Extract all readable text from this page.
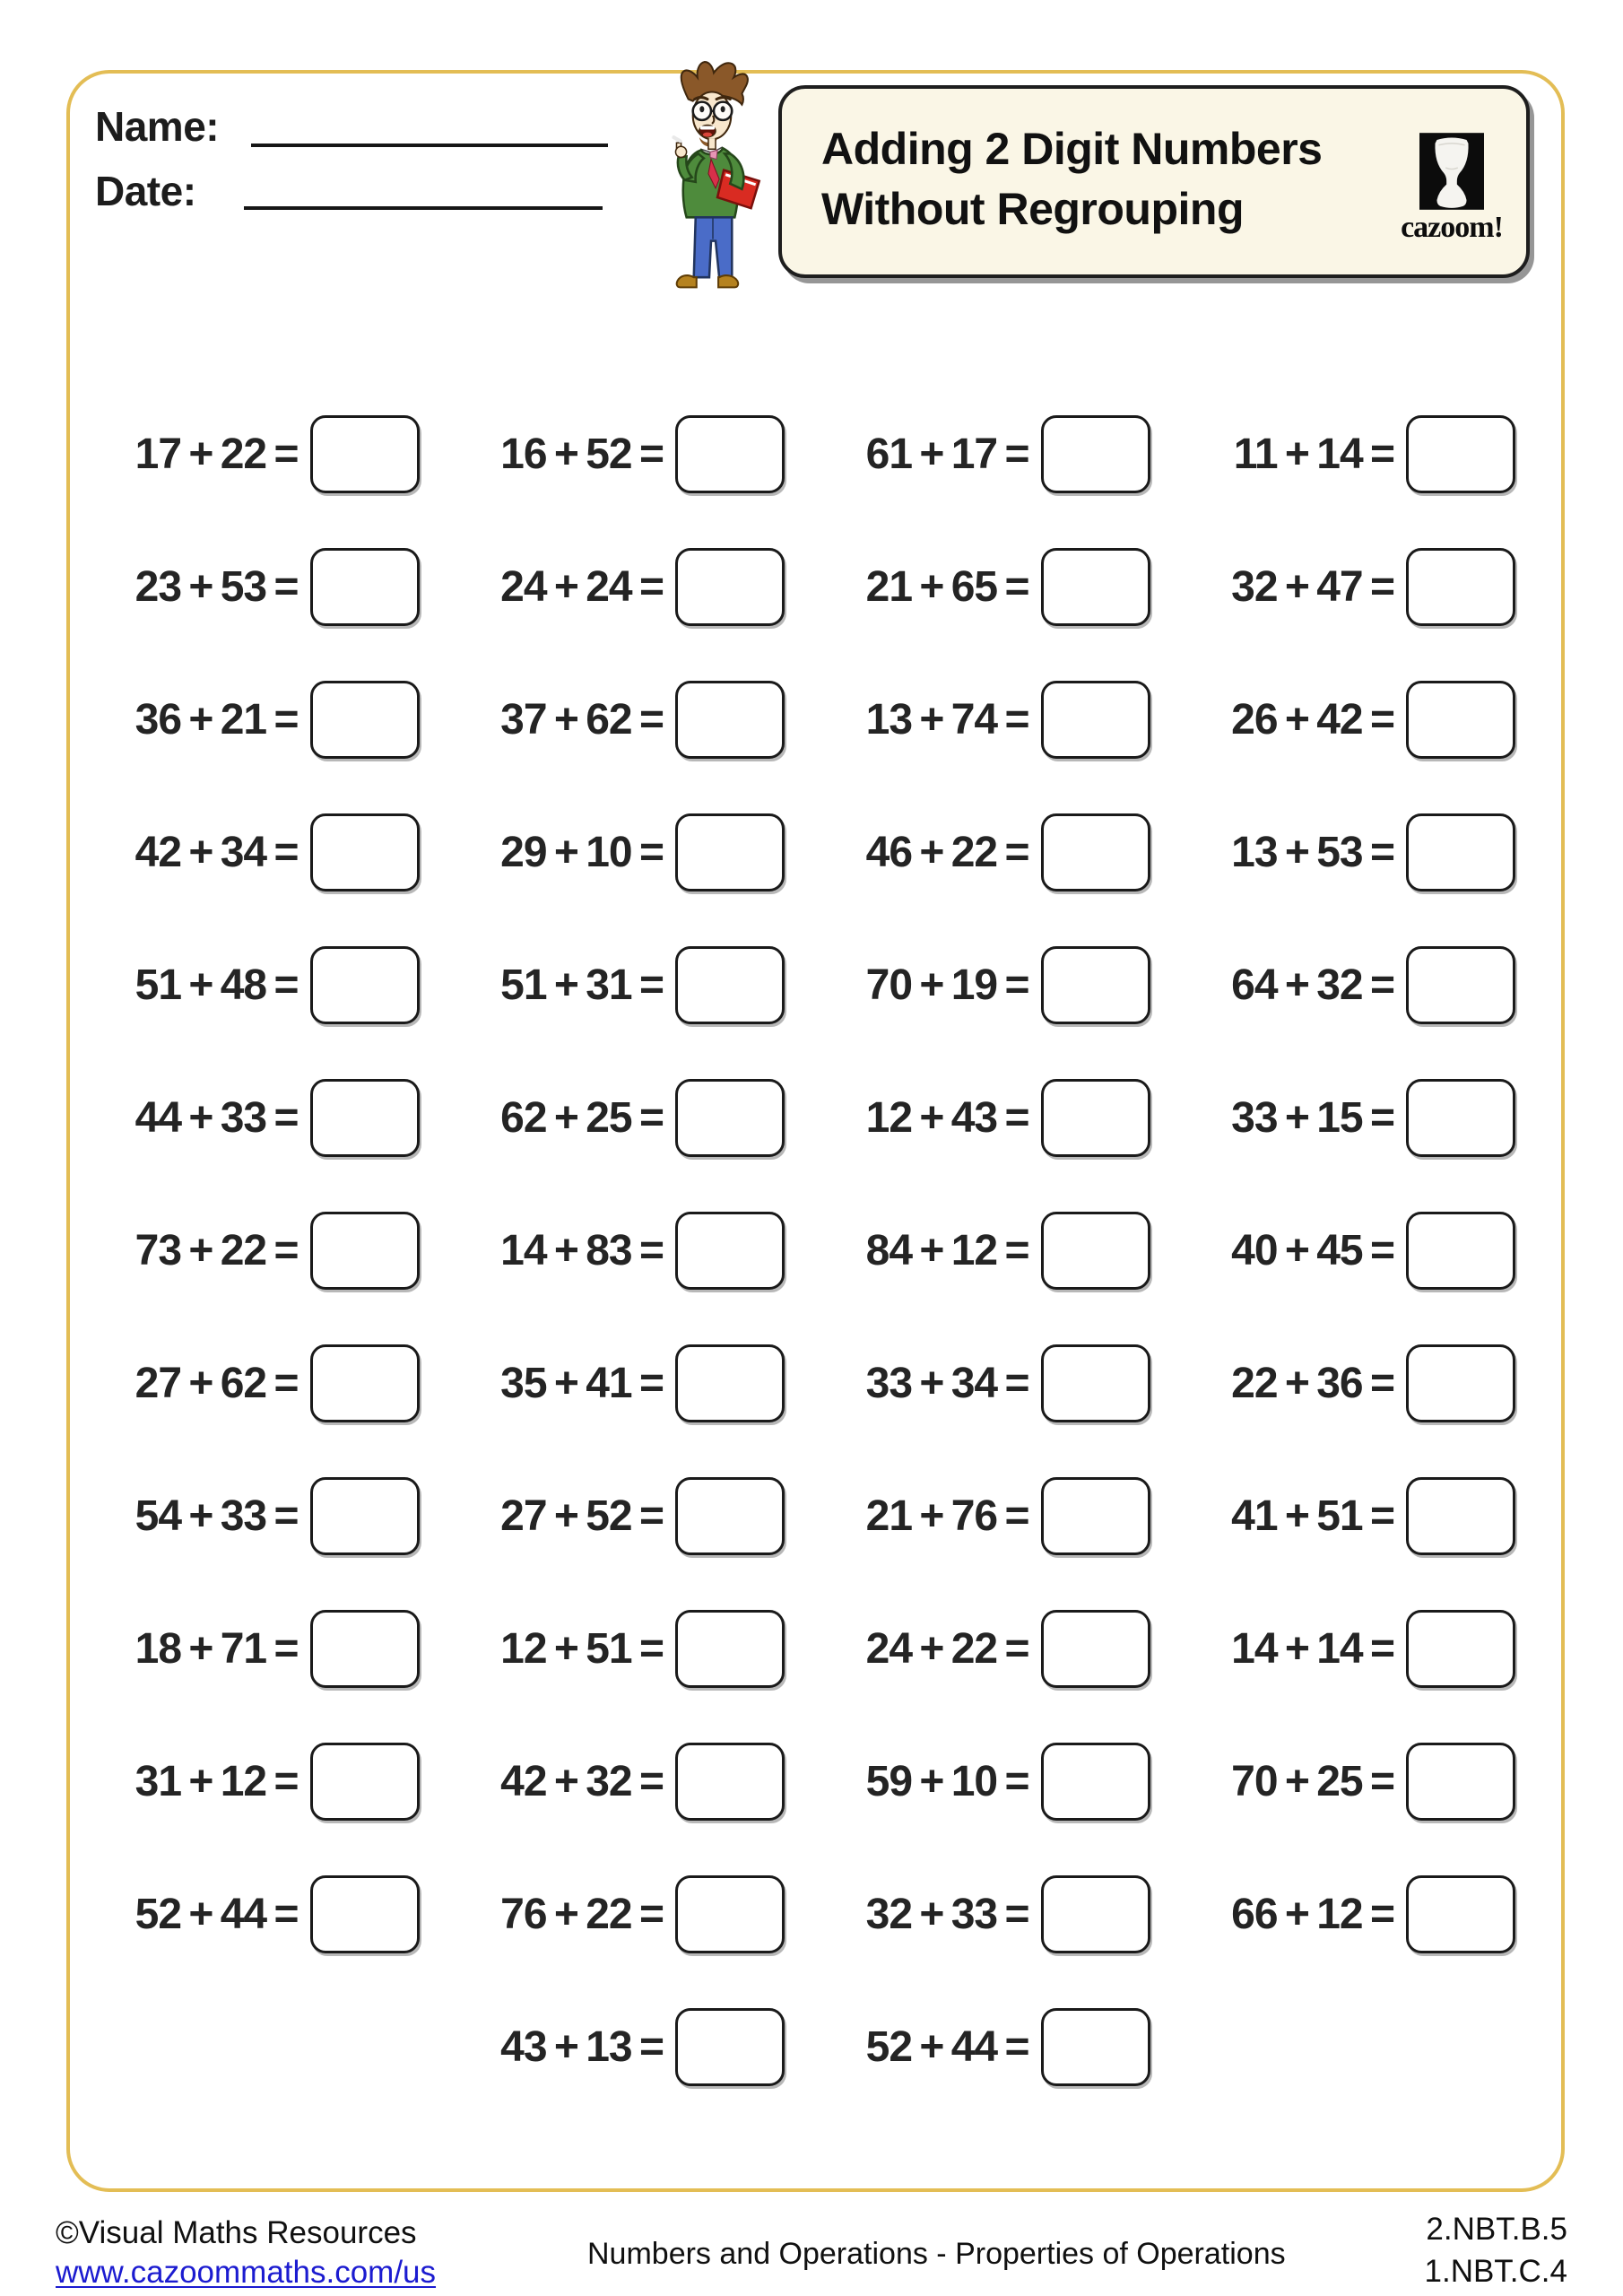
Name:
Date:
Adding 2 Digit Numbers
Without Regrouping	cazoom!
17 + 22 =	16 + 52 =	61 + 17 =	11 + 14 =
23 + 53 =	24 + 24 =	21 + 65 =	32 + 47 =
36 + 21 =	37 + 62 =	13 + 74 =	26 + 42 =
42 + 34 =	29 + 10 =	46 + 22 =	13 + 53 =
51 + 48 =	51 + 31 =	70 + 19 =	64 + 32 =
44 + 33 =	62 + 25 =	12 + 43 =	33 + 15 =
73 + 22 =	14 + 83 =	84 + 12 =	40 + 45 =
27 + 62 =	35 + 41 =	33 + 34 =	22 + 36 =
54 + 33 =	27 + 52 =	21 + 76 =	41 + 51 =
18 + 71 =	12 + 51 =	24 + 22 =	14 + 14 =
31 + 12 =	42 + 32 =	59 + 10 =	70 + 25 =
52 + 44 =	76 + 22 =	32 + 33 =	66 + 12 =
43 + 13 =	52 + 44 =
©Visual Maths Resources
www.cazoommaths.com/us
Numbers and Operations - Properties of Operations
2.NBT.B.5
1.NBT.C.4
